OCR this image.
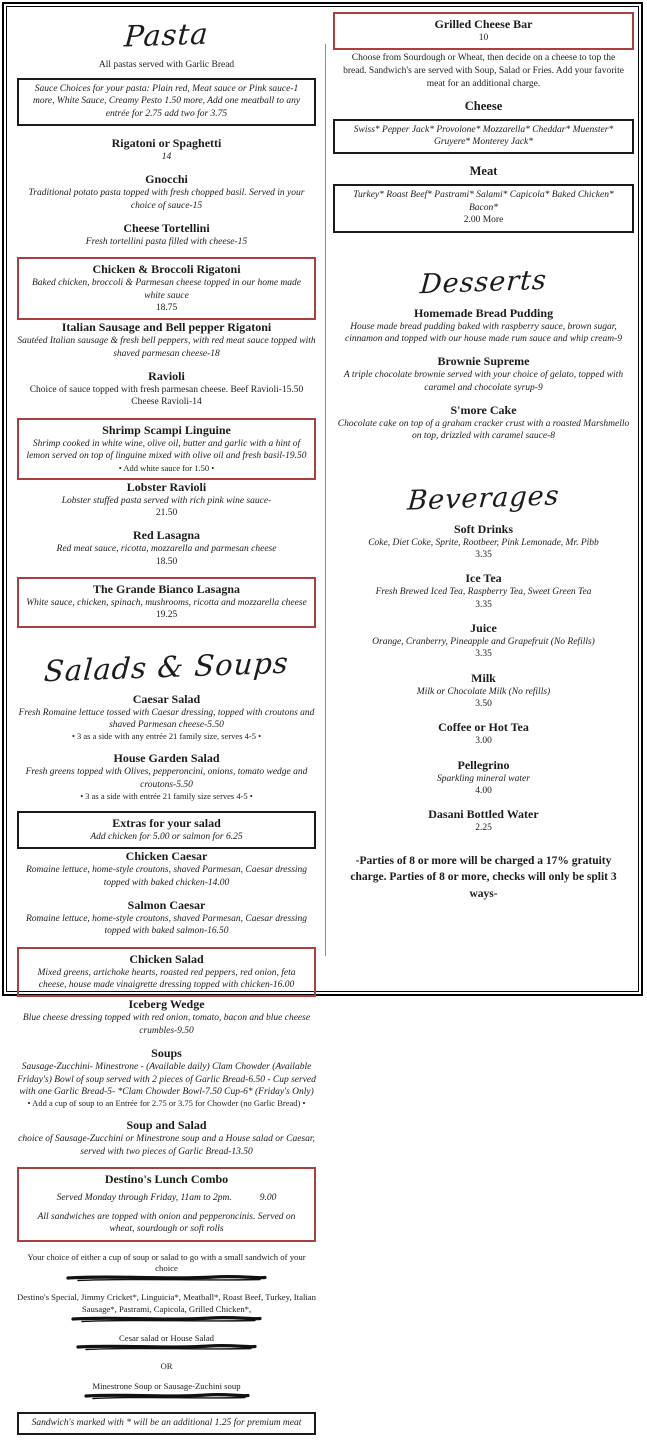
Pasta
All pastas served with Garlic Bread
Sauce Choices for your pasta: Plain red, Meat sauce or Pink sauce-1 more, White Sauce, Creamy Pesto 1.50 more, Add one meatball to any entrée for 2.75 add two for 3.75
Rigatoni or Spaghetti
14
Gnocchi
Traditional potato pasta topped with fresh chopped basil. Served in your choice of sauce-15
Cheese Tortellini
Fresh tortellini pasta filled with cheese-15
Chicken & Broccoli Rigatoni
Baked chicken, broccoli & Parmesan cheese topped in our home made white sauce
18.75
Italian Sausage and Bell pepper Rigatoni
Sautéed Italian sausage & fresh bell peppers, with red meat sauce topped with shaved parmesan cheese-18
Ravioli
Choice of sauce topped with fresh parmesan cheese. Beef Ravioli-15.50 Cheese Ravioli-14
Shrimp Scampi Linguine
Shrimp cooked in white wine, olive oil, butter and garlic with a hint of lemon served on top of linguine mixed with olive oil and fresh basil-19.50
• Add white sauce for 1.50 •
Lobster Ravioli
Lobster stuffed pasta served with rich pink wine sauce-
21.50
Red Lasagna
Red meat sauce, ricotta, mozzarella and parmesan cheese
18.50
The Grande Bianco Lasagna
White sauce, chicken, spinach, mushrooms, ricotta and mozzarella cheese
19.25
Salads & Soups
Caesar Salad
Fresh Romaine lettuce tossed with Caesar dressing, topped with croutons and shaved Parmesan cheese-5.50
• 3 as a side with any entrée 21 family size, serves 4-5 •
House Garden Salad
Fresh greens topped with Olives, pepperoncini, onions, tomato wedge and croutons-5.50
• 3 as a side with entrée 21 family size serves 4-5 •
Extras for your salad
Add chicken for 5.00 or salmon for 6.25
Chicken Caesar
Romaine lettuce, home-style croutons, shaved Parmesan, Caesar dressing topped with baked chicken-14.00
Salmon Caesar
Romaine lettuce, home-style croutons, shaved Parmesan, Caesar dressing topped with baked salmon-16.50
Chicken Salad
Mixed greens, artichoke hearts, roasted red peppers, red onion, feta cheese, house made vinaigrette dressing topped with chicken-16.00
Iceberg Wedge
Blue cheese dressing topped with red onion, tomato, bacon and blue cheese crumbles-9.50
Soups
Sausage-Zucchini- Minestrone - (Available daily) Clam Chowder (Available Friday's) Bowl of soup served with 2 pieces of Garlic Bread-6.50 - Cup served with one Garlic Bread-5- *Clam Chowder Bowl-7.50 Cup-6* (Friday's Only)
• Add a cup of soup to an Entrée for 2.75 or 3.75 for Chowder (no Garlic Bread) •
Soup and Salad
choice of Sausage-Zucchini or Minestrone soup and a House salad or Caesar, served with two pieces of Garlic Bread-13.50
Destino's Lunch Combo
Served Monday through Friday, 11am to 2pm.	9.00
All sandwiches are topped with onion and pepperoncinis. Served on wheat, sourdough or soft rolls
Your choice of either a cup of soup or salad to go with a small sandwich of your choice
Destino's Special, Jimmy Cricket*, Linguicia*, Meatball*, Roast Beef, Turkey, Italian Sausage*, Pastrami, Capicola, Grilled Chicken*,
Cesar salad or House Salad
OR
Minestrone Soup or Sausage-Zuchini soup
Sandwich's marked with * will be an additional 1.25 for premium meat
Grilled Cheese Bar
10
Choose from Sourdough or Wheat, then decide on a cheese to top the bread. Sandwich's are served with Soup, Salad or Fries. Add your favorite meat for an additional charge.
Cheese
Swiss* Pepper Jack* Provolone* Mozzarella* Cheddar* Muenster* Gruyere* Monterey Jack*
Meat
Turkey* Roast Beef* Pastrami* Salami* Capicola* Baked Chicken* Bacon*
2.00 More
Desserts
Homemade Bread Pudding
House made bread pudding baked with raspberry sauce, brown sugar, cinnamon and topped with our house made rum sauce and whip cream-9
Brownie Supreme
A triple chocolate brownie served with your choice of gelato, topped with caramel and chocolate syrup-9
S'more Cake
Chocolate cake on top of a graham cracker crust with a roasted Marshmello on top, drizzled with caramel sauce-8
Beverages
Soft Drinks
Coke, Diet Coke, Sprite, Rootbeer, Pink Lemonade, Mr. Pibb
3.35
Ice Tea
Fresh Brewed Iced Tea, Raspberry Tea, Sweet Green Tea
3.35
Juice
Orange, Cranberry, Pineapple and Grapefruit (No Refills)
3.35
Milk
Milk or Chocolate Milk (No refills)
3.50
Coffee or Hot Tea
3.00
Pellegrino
Sparkling mineral water
4.00
Dasani Bottled Water
2.25
-Parties of 8 or more will be charged a 17% gratuity charge. Parties of 8 or more, checks will only be split 3 ways-
